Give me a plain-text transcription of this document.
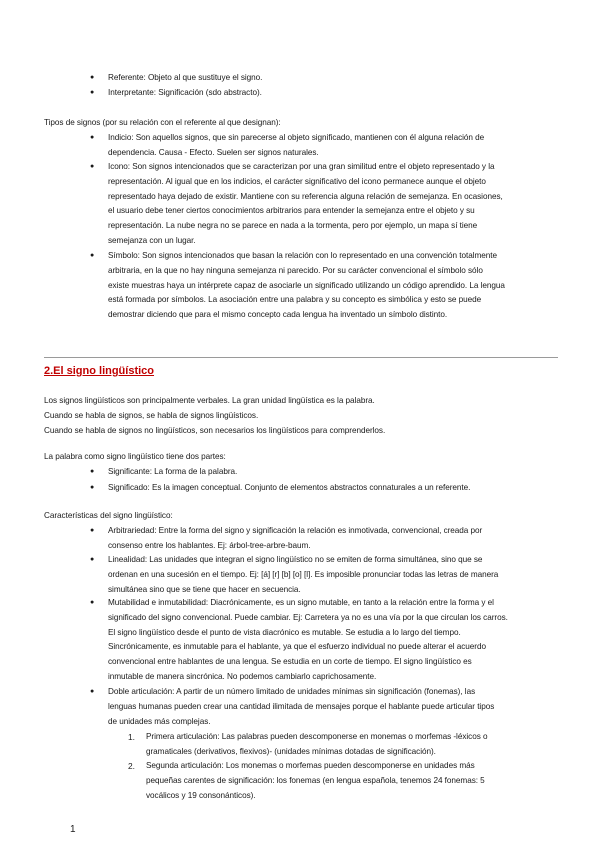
● Referente: Objeto al que sustituye el signo.
● Interpretante: Significación (sdo abstracto).
Tipos de signos (por su relación con el referente al que designan):
● Indicio: Son aquellos signos, que sin parecerse al objeto significado, mantienen con él alguna relación de
dependencia. Causa - Efecto. Suelen ser signos naturales.
● Icono: Son signos intencionados que se caracterizan por una gran similitud entre el objeto representado y la
representación. Al igual que en los indicios, el carácter significativo del icono permanece aunque el objeto
representado haya dejado de existir. Mantiene con su referencia alguna relación de semejanza. En ocasiones,
el usuario debe tener ciertos conocimientos arbitrarios para entender la semejanza entre el objeto y su
representación. La nube negra no se parece en nada a la tormenta, pero por ejemplo, un mapa sí tiene
semejanza con un lugar.
● Símbolo: Son signos intencionados que basan la relación con lo representado en una convención totalmente
arbitraria, en la que no hay ninguna semejanza ni parecido. Por su carácter convencional el símbolo sólo
existe muestras haya un intérprete capaz de asociarle un significado utilizando un código aprendido. La lengua
está formada por símbolos. La asociación entre una palabra y su concepto es simbólica y esto se puede
demostrar diciendo que para el mismo concepto cada lengua ha inventado un símbolo distinto.
2.El signo lingüístico
Los signos lingüísticos son principalmente verbales. La gran unidad lingüística es la palabra.
Cuando se habla de signos, se habla de signos lingüísticos.
Cuando se habla de signos no lingüísticos, son necesarios los lingüísticos para comprenderlos.
La palabra como signo lingüístico tiene dos partes:
● Significante: La forma de la palabra.
● Significado: Es la imagen conceptual. Conjunto de elementos abstractos connaturales a un referente.
Características del signo lingüístico:
● Arbitrariedad: Entre la forma del signo y significación la relación es inmotivada, convencional, creada por
consenso entre los hablantes. Ej: árbol-tree-arbre-baum.
● Linealidad: Las unidades que integran el signo lingüístico no se emiten de forma simultánea, sino que se
ordenan en una sucesión en el tiempo. Ej: [á] [r] [b] [o] [l]. Es imposible pronunciar todas las letras de manera
simultánea sino que se tiene que hacer en secuencia.
● Mutabilidad e inmutabilidad: Diacrónicamente, es un signo mutable, en tanto a la relación entre la forma y el
significado del signo convencional. Puede cambiar. Ej: Carretera ya no es una vía por la que circulan los carros.
El signo lingüístico desde el punto de vista diacrónico es mutable. Se estudia a lo largo del tiempo.
Sincrónicamente, es inmutable para el hablante, ya que el esfuerzo individual no puede alterar el acuerdo
convencional entre hablantes de una lengua. Se estudia en un corte de tiempo. El signo lingüístico es
inmutable de manera sincrónica. No podemos cambiarlo caprichosamente.
● Doble articulación: A partir de un número limitado de unidades mínimas sin significación (fonemas), las
lenguas humanas pueden crear una cantidad ilimitada de mensajes porque el hablante puede articular tipos
de unidades más complejas.
1. Primera articulación: Las palabras pueden descomponerse en monemas o morfemas -léxicos o
gramaticales (derivativos, flexivos)- (unidades mínimas dotadas de significación).
2. Segunda articulación: Los monemas o morfemas pueden descomponerse en unidades más
pequeñas carentes de significación: los fonemas (en lengua española, tenemos 24 fonemas: 5
vocálicos y 19 consonánticos).
1
